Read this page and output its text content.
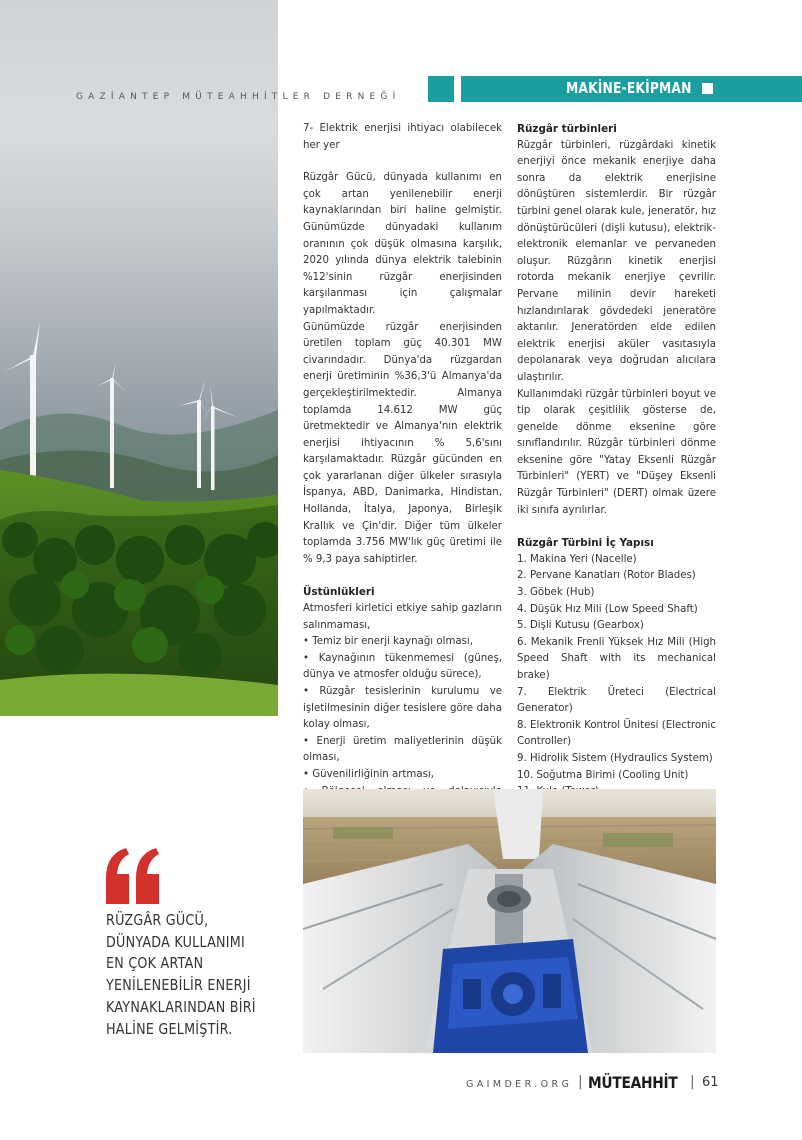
GAZİANTEP MÜTEAHHİTLER DERNEĞİ	MAKİNE-EKİPMAN

7- Elektrik enerjisi ihtiyacı olabilecek her yer

Rüzgâr Gücü, dünyada kullanımı en çok artan yenilenebilir enerji kaynaklarından biri haline gelmiştir. Günümüzde dünyadaki kullanım oranının çok düşük olmasına karşılık, 2020 yılında dünya elektrik talebinin %12'sinin rüzgâr enerjisinden karşılanması için çalışmalar yapılmaktadır.

Günümüzde rüzgâr enerjisinden üretilen toplam güç 40.301 MW civarındadır. Dünya'da rüzgardan enerji üretiminin %36,3'ü Almanya'da gerçekleştirilmektedir. Almanya toplamda 14.612 MW güç üretmektedir ve Almanya'nın elektrik enerjisi ihtiyacının % 5,6'sını karşılamaktadır. Rüzgâr gücünden en çok yararlanan diğer ülkeler sırasıyla İspanya, ABD, Danimarka, Hindistan, Hollanda, İtalya, Japonya, Birleşik Krallık ve Çin'dir. Diğer tüm ülkeler toplamda 3.756 MW'lık güç üretimi ile % 9,3 paya sahiptirler.

Üstünlükleri

Atmosferi kirletici etkiye sahip gazların salınmaması,

• Temiz bir enerji kaynağı olması,
• Kaynağının tükenmemesi (güneş, dünya ve atmosfer olduğu sürece),
• Rüzgâr tesislerinin kurulumu ve işletilmesinin diğer tesislere göre daha kolay olması,
• Enerji üretim maliyetlerinin düşük olması,
• Güvenilirliğinin artması,
Rüzgâr türbinleri

Rüzgâr türbinleri, rüzgârdaki kinetik enerjiyi önce mekanik enerjiye daha sonra da elektrik enerjisine dönüştüren sistemlerdir. Bir rüzgâr türbini genel olarak kule, jeneratör, hız dönüştürücüleri (dişli kutusu), elektrik-elektronik elemanlar ve pervaneden oluşur. Rüzgârın kinetik enerjisi rotorda mekanik enerjiye çevrilir. Pervane milinin devir hareketi hızlandırılarak gövdedeki jeneratöre aktarılır. Jeneratörden elde edilen elektrik enerjisi aküler vasıtasıyla depolanarak veya doğrudan alıcılara ulaştırılır.

Kullanımdaki rüzgâr türbinleri boyut ve tip olarak çeşitlilik gösterse de, genelde dönme eksenine göre sınıflandırılır. Rüzgâr türbinleri dönme eksenine göre "Yatay Eksenli Rüzgâr Türbinleri" (YERT) ve "Düşey Eksenli Rüzgâr Türbinleri" (DERT) olmak üzere iki sınıfa ayrılırlar.

Rüzgâr Türbini İç Yapısı
1. Makina Yeri (Nacelle)
2. Pervane Kanatları (Rotor Blades)
3. Göbek (Hub)
4. Düşük Hız Mili (Low Speed Shaft)
5. Dişli Kutusu (Gearbox)
6. Mekanik Frenli Yüksek Hız Mili (High Speed Shaft with its mechanical brake)
7. Elektrik Üreteci (Electrical Generator)
8. Elektronik Kontrol Ünitesi (Electronic Controller)
9. Hidrolik Sistem (Hydraulics System)
10. Soğutma Birimi (Cooling Unit)
RÜZGÂR GÜCÜ,
DÜNYADA KULLANIMI
EN ÇOK ARTAN
YENİLENEBİLİR ENERJİ
KAYNAKLARINDAN BİRİ
HALİNE GELMİŞTİR.
GAIMDER.ORG | MÜTEAHHİT | 61
